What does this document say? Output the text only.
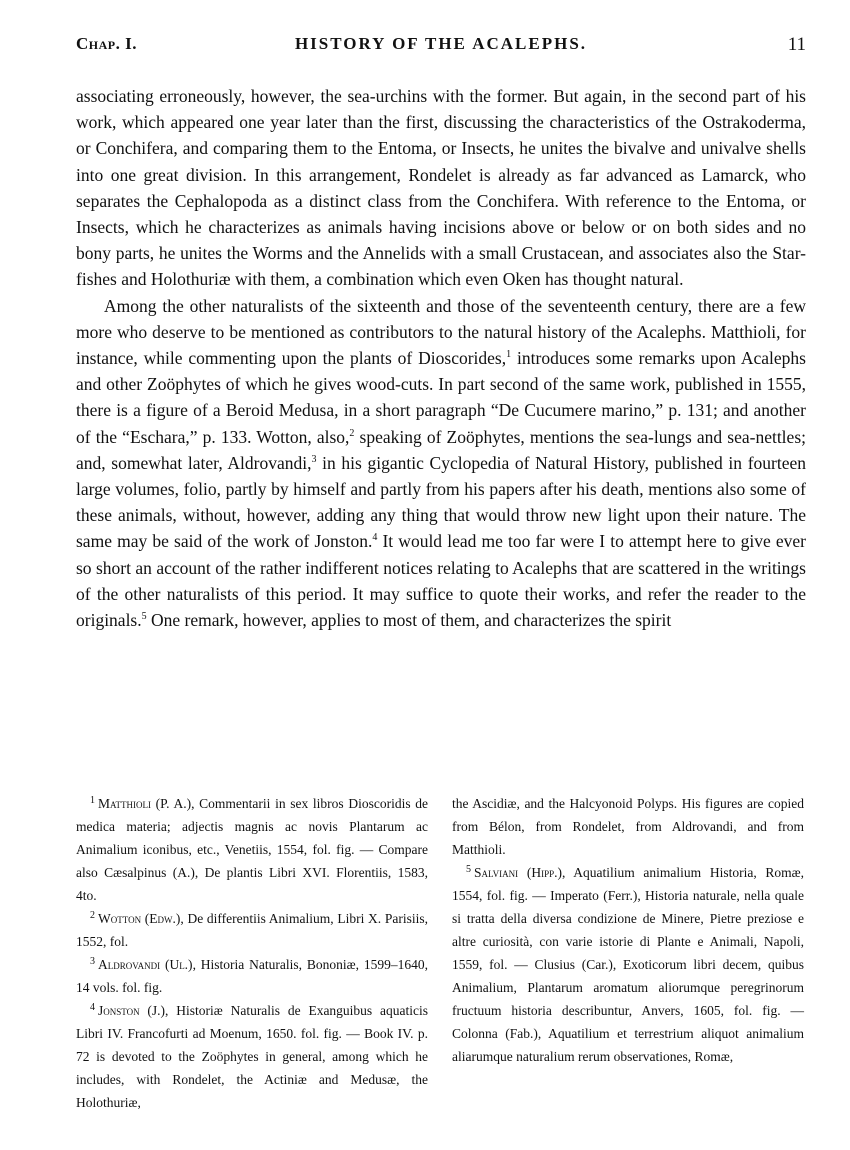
Chap. I.	HISTORY OF THE ACALEPHS.	11

associating erroneously, however, the sea-urchins with the former. But again, in the second part of his work, which appeared one year later than the first, discussing the characteristics of the Ostrakoderma, or Conchifera, and comparing them to the Entoma, or Insects, he unites the bivalve and univalve shells into one great division. In this arrangement, Rondelet is already as far advanced as Lamarck, who separates the Cephalopoda as a distinct class from the Conchifera. With reference to the Entoma, or Insects, which he characterizes as animals having incisions above or below or on both sides and no bony parts, he unites the Worms and the Annelids with a small Crustacean, and associates also the Star-fishes and Holothuriæ with them, a combination which even Oken has thought natural.

Among the other naturalists of the sixteenth and those of the seventeenth century, there are a few more who deserve to be mentioned as contributors to the natural history of the Acalephs. Matthioli, for instance, while commenting upon the plants of Dioscorides,$^1$ introduces some remarks upon Acalephs and other Zoöphytes of which he gives wood-cuts. In part second of the same work, published in 1555, there is a figure of a Beroid Medusa, in a short paragraph “De Cucumere marino,” p. 131; and another of the “Eschara,” p. 133. Wotton, also,$^2$ speaking of Zoöphytes, mentions the sea-lungs and sea-nettles; and, somewhat later, Aldrovandi,$^3$ in his gigantic Cyclopedia of Natural History, published in fourteen large volumes, folio, partly by himself and partly from his papers after his death, mentions also some of these animals, without, however, adding any thing that would throw new light upon their nature. The same may be said of the work of Jonston.$^4$ It would lead me too far were I to attempt here to give ever so short an account of the rather indifferent notices relating to Acalephs that are scattered in the writings of the other naturalists of this period. It may suffice to quote their works, and refer the reader to the originals.$^5$ One remark, however, applies to most of them, and characterizes the spirit

$^1$ Matthioli (P. A.), Commentarii in sex libros Dioscoridis de medica materia; adjectis magnis ac novis Plantarum ac Animalium iconibus, etc., Venetiis, 1554, fol. fig. — Compare also Cæsalpinus (A.), De plantis Libri XVI. Florentiis, 1583, 4to.

$^2$ Wotton (Edw.), De differentiis Animalium, Libri X. Parisiis, 1552, fol.

$^3$ Aldrovandi (Ul.), Historia Naturalis, Bononiæ, 1599–1640, 14 vols. fol. fig.

$^4$ Jonston (J.), Historiæ Naturalis de Exanguibus aquaticis Libri IV. Francofurti ad Moenum, 1650. fol. fig. — Book IV. p. 72 is devoted to the Zoöphytes in general, among which he includes, with Rondelet, the Actiniæ and Medusæ, the Holothuriæ,

the Ascidiæ, and the Halcyonoid Polyps. His figures are copied from Bélon, from Rondelet, from Aldrovandi, and from Matthioli.

$^5$ Salviani (Hipp.), Aquatilium animalium Historia, Romæ, 1554, fol. fig. — Imperato (Ferr.), Historia naturale, nella quale si tratta della diversa condizione de Minere, Pietre preziose e altre curiosità, con varie istorie di Plante e Animali, Napoli, 1559, fol. — Clusius (Car.), Exoticorum libri decem, quibus Animalium, Plantarum aromatum aliorumque peregrinorum fructuum historia describuntur, Anvers, 1605, fol. fig. — Colonna (Fab.), Aquatilium et terrestrium aliquot animalium aliarumque naturalium rerum observationes, Romæ,
